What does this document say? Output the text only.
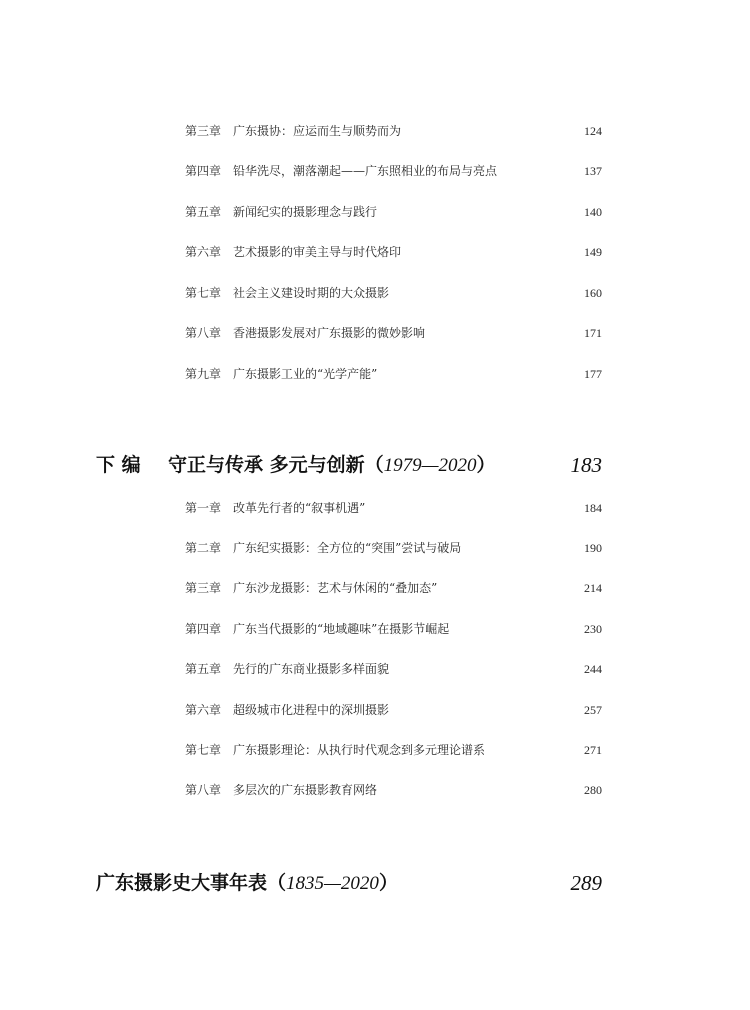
第三章 广东摄协：应运而生与顺势而为	124
第四章 铅华洗尽，潮落潮起——广东照相业的布局与亮点	137
第五章 新闻纪实的摄影理念与践行	140
第六章 艺术摄影的审美主导与时代烙印	149
第七章 社会主义建设时期的大众摄影	160
第八章 香港摄影发展对广东摄影的微妙影响	171
第九章 广东摄影工业的“光学产能”	177
下 编 守正与传承 多元与创新（1979—2020）	183
第一章 改革先行者的“叙事机遇”	184
第二章 广东纪实摄影：全方位的“突围”尝试与破局	190
第三章 广东沙龙摄影：艺术与休闲的“叠加态”	214
第四章 广东当代摄影的“地域趣味”在摄影节崛起	230
第五章 先行的广东商业摄影多样面貌	244
第六章 超级城市化进程中的深圳摄影	257
第七章 广东摄影理论：从执行时代观念到多元理论谱系	271
第八章 多层次的广东摄影教育网络	280
广东摄影史大事年表（1835—2020）	289
